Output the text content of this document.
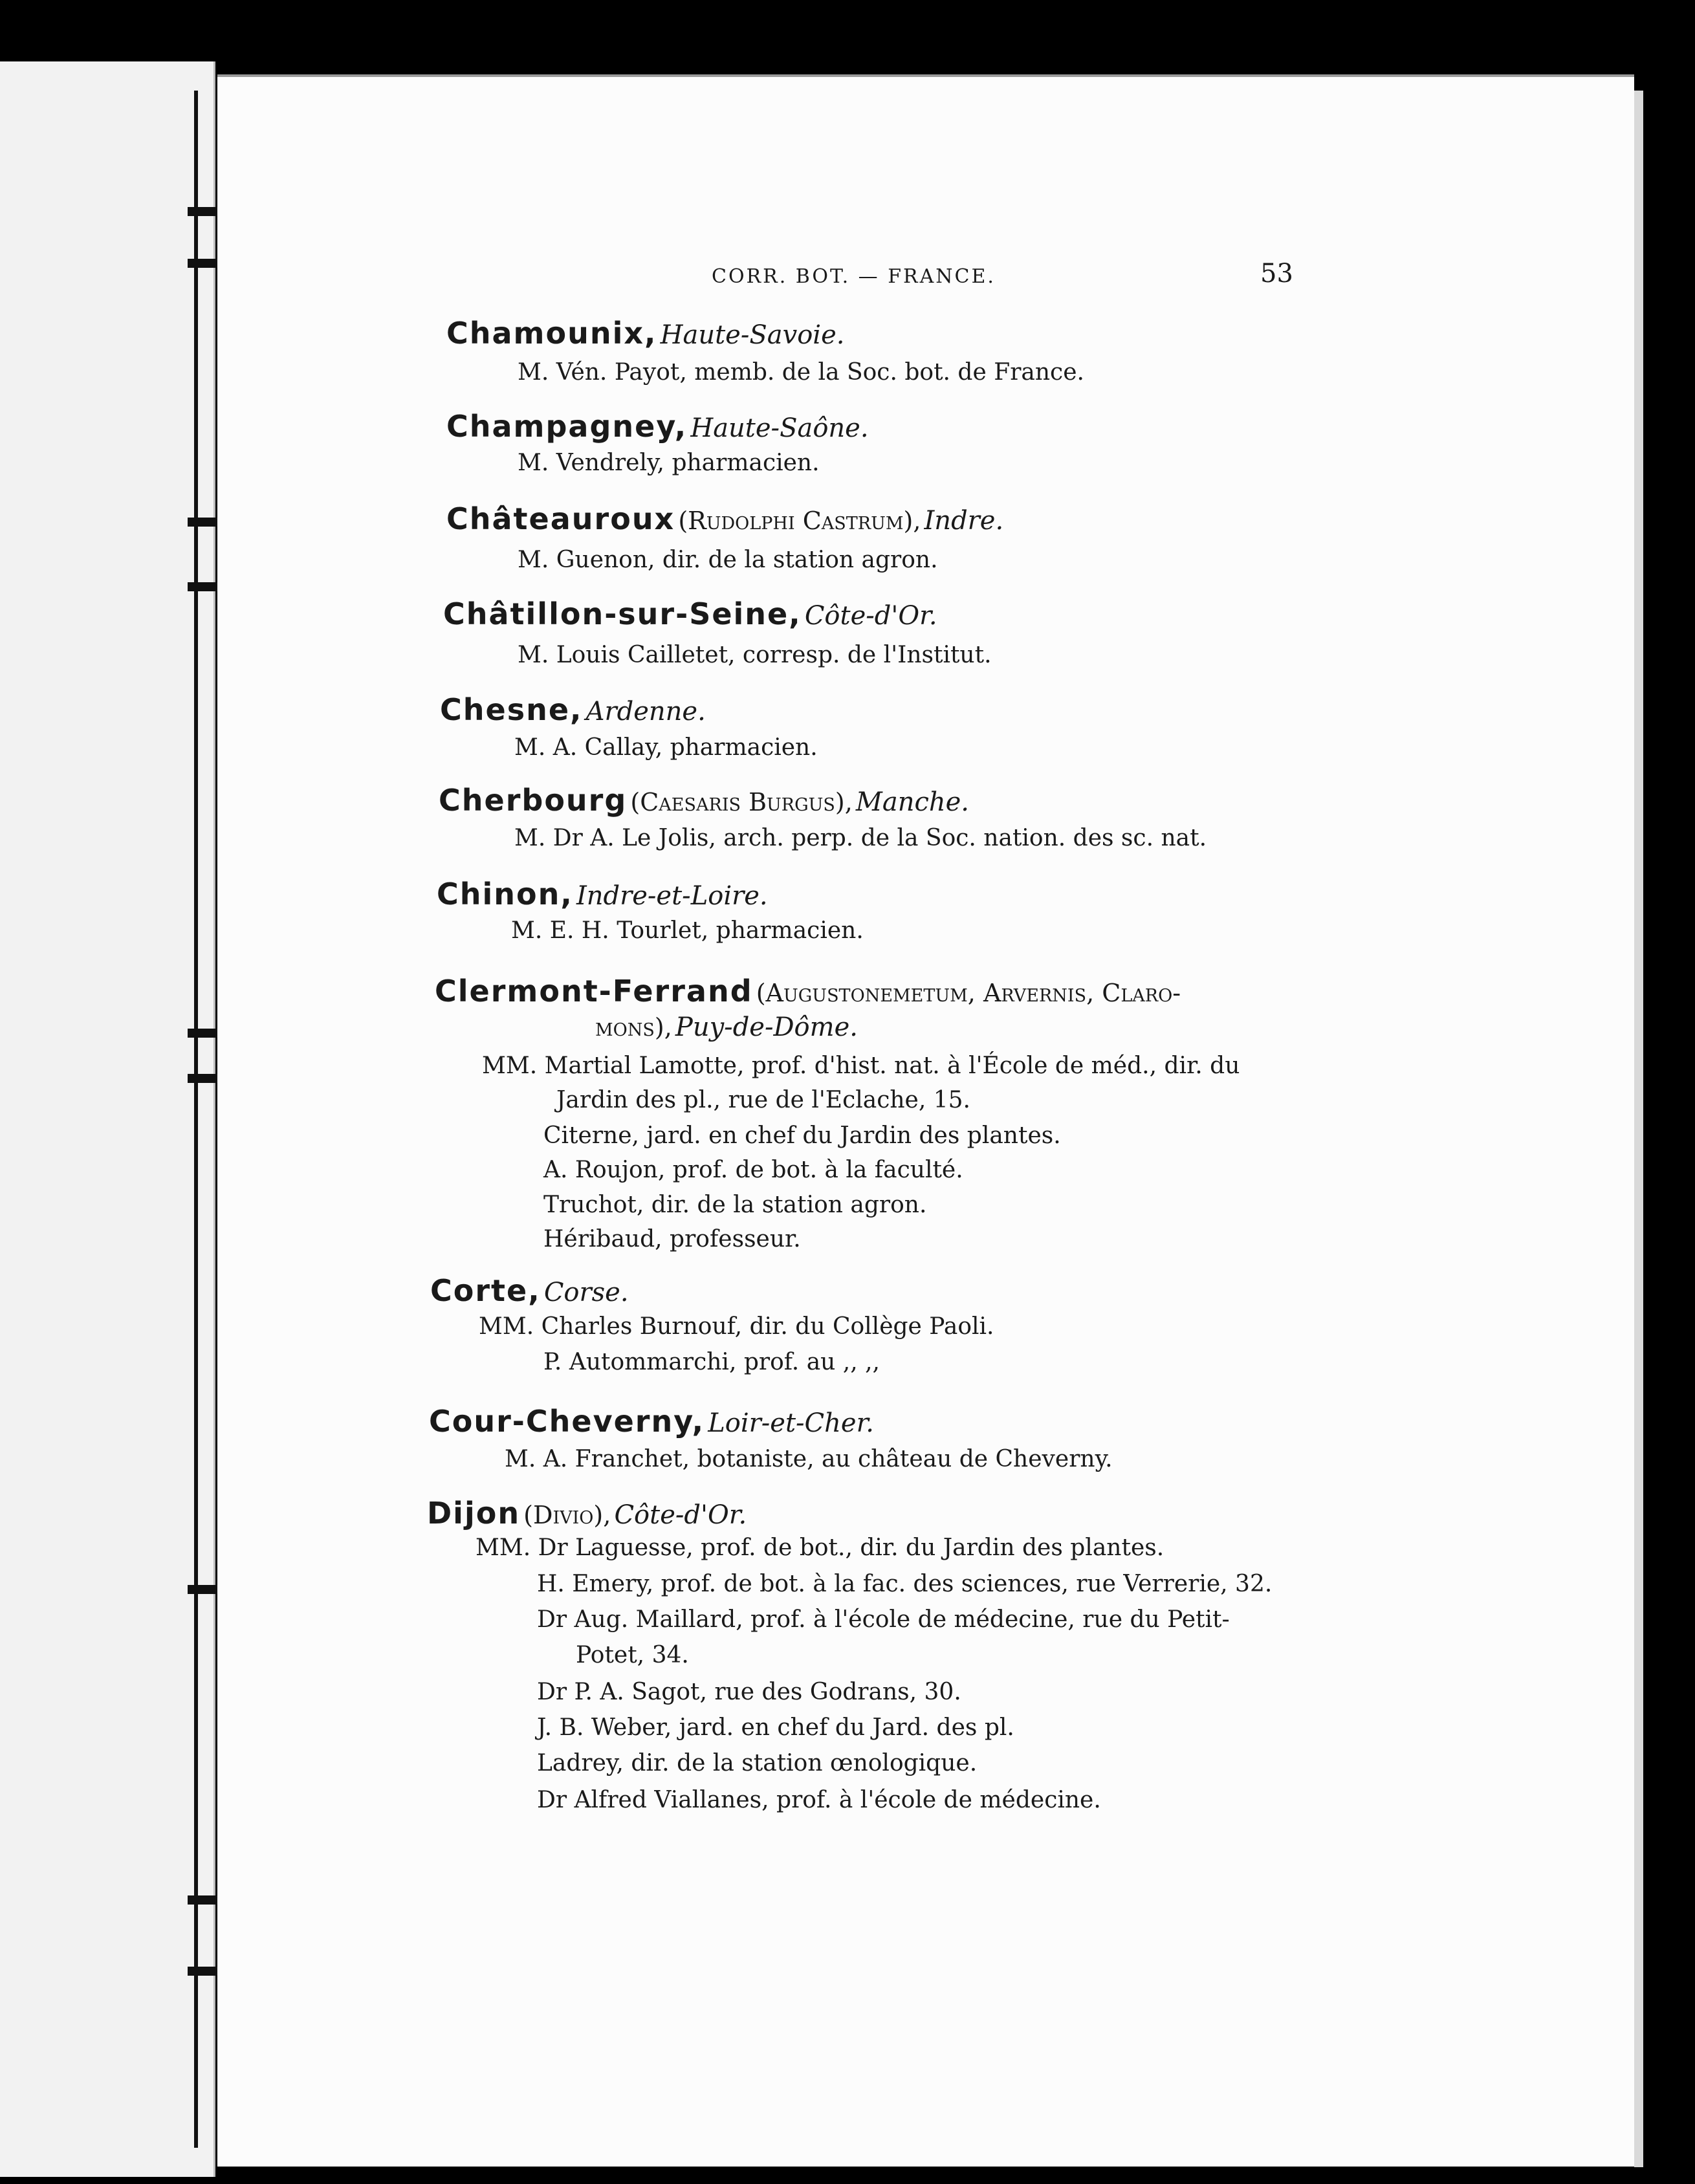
CORR. BOT. — FRANCE.	53
Chamounix, Haute-Savoie.
M. Vén. Payot, memb. de la Soc. bot. de France.
Champagney, Haute-Saône.
M. Vendrely, pharmacien.
Châteauroux (Rudolphi Castrum), Indre.
M. Guenon, dir. de la station agron.
Châtillon-sur-Seine, Côte-d'Or.
M. Louis Cailletet, corresp. de l'Institut.
Chesne, Ardenne.
M. A. Callay, pharmacien.
Cherbourg (Caesaris Burgus), Manche.
M. Dr A. Le Jolis, arch. perp. de la Soc. nation. des sc. nat.
Chinon, Indre-et-Loire.
M. E. H. Tourlet, pharmacien.
Clermont-Ferrand (Augustonemetum, Arvernis, Claro-
mons), Puy-de-Dôme.
MM. Martial Lamotte, prof. d'hist. nat. à l'École de méd., dir. du
Jardin des pl., rue de l'Eclache, 15.
Citerne, jard. en chef du Jardin des plantes.
A. Roujon, prof. de bot. à la faculté.
Truchot, dir. de la station agron.
Héribaud, professeur.
Corte, Corse.
MM. Charles Burnouf, dir. du Collège Paoli.
P. Autommarchi, prof. au ,, ,,
Cour-Cheverny, Loir-et-Cher.
M. A. Franchet, botaniste, au château de Cheverny.
Dijon (Divio), Côte-d'Or.
MM. Dr Laguesse, prof. de bot., dir. du Jardin des plantes.
H. Emery, prof. de bot. à la fac. des sciences, rue Verrerie, 32.
Dr Aug. Maillard, prof. à l'école de médecine, rue du Petit-
Potet, 34.
Dr P. A. Sagot, rue des Godrans, 30.
J. B. Weber, jard. en chef du Jard. des pl.
Ladrey, dir. de la station œnologique.
Dr Alfred Viallanes, prof. à l'école de médecine.
